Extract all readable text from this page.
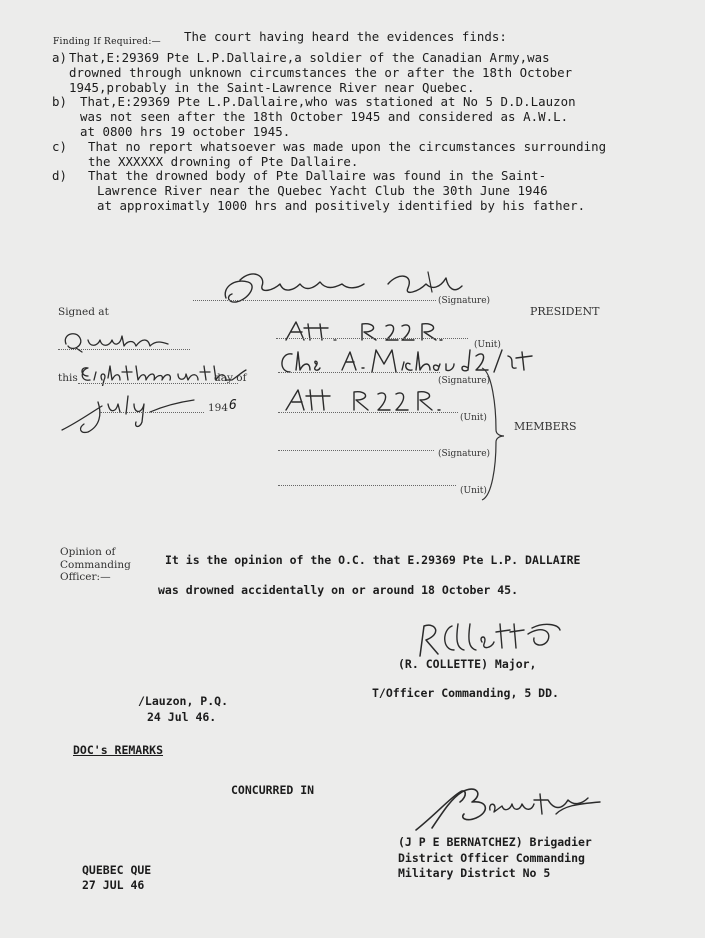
Finding If Required:— The court having heard the evidences finds:
a) That,E:29369 Pte L.P.Dallaire,a soldier of the Canadian Army,was
drowned through unknown circumstances the or after the 18th October
1945,probably in the Saint-Lawrence River near Quebec.
b) That,E:29369 Pte L.P.Dallaire,who was stationed at No 5 D.D.Lauzon
was not seen after the 18th October 1945 and considered as A.W.L.
at 0800 hrs 19 october 1945.
c) That no report whatsoever was made upon the circumstances surrounding
the XXXXXX drowning of Pte Dallaire.
d) That the drowned body of Pte Dallaire was found in the Saint-
Lawrence River near the Quebec Yacht Club the 30th June 1946
at approximatly 1000 hrs and positively identified by his father.
(Signature)
PRESIDENT
Signed at
(Unit)
this	day of	(Signature)
194 6
(Unit)
MEMBERS
(Signature)
(Unit)
Opinion of
Commanding
Officer:—
It is the opinion of the O.C. that E.29369 Pte L.P. DALLAIRE
was drowned accidentally on or around 18 October 45.
(R. COLLETTE) Major,
T/Officer Commanding, 5 DD.
/Lauzon, P.Q.
24 Jul 46.
DOC's REMARKS
CONCURRED IN
(J P E BERNATCHEZ) Brigadier
District Officer Commanding
Military District No 5
QUEBEC QUE
27 JUL 46
